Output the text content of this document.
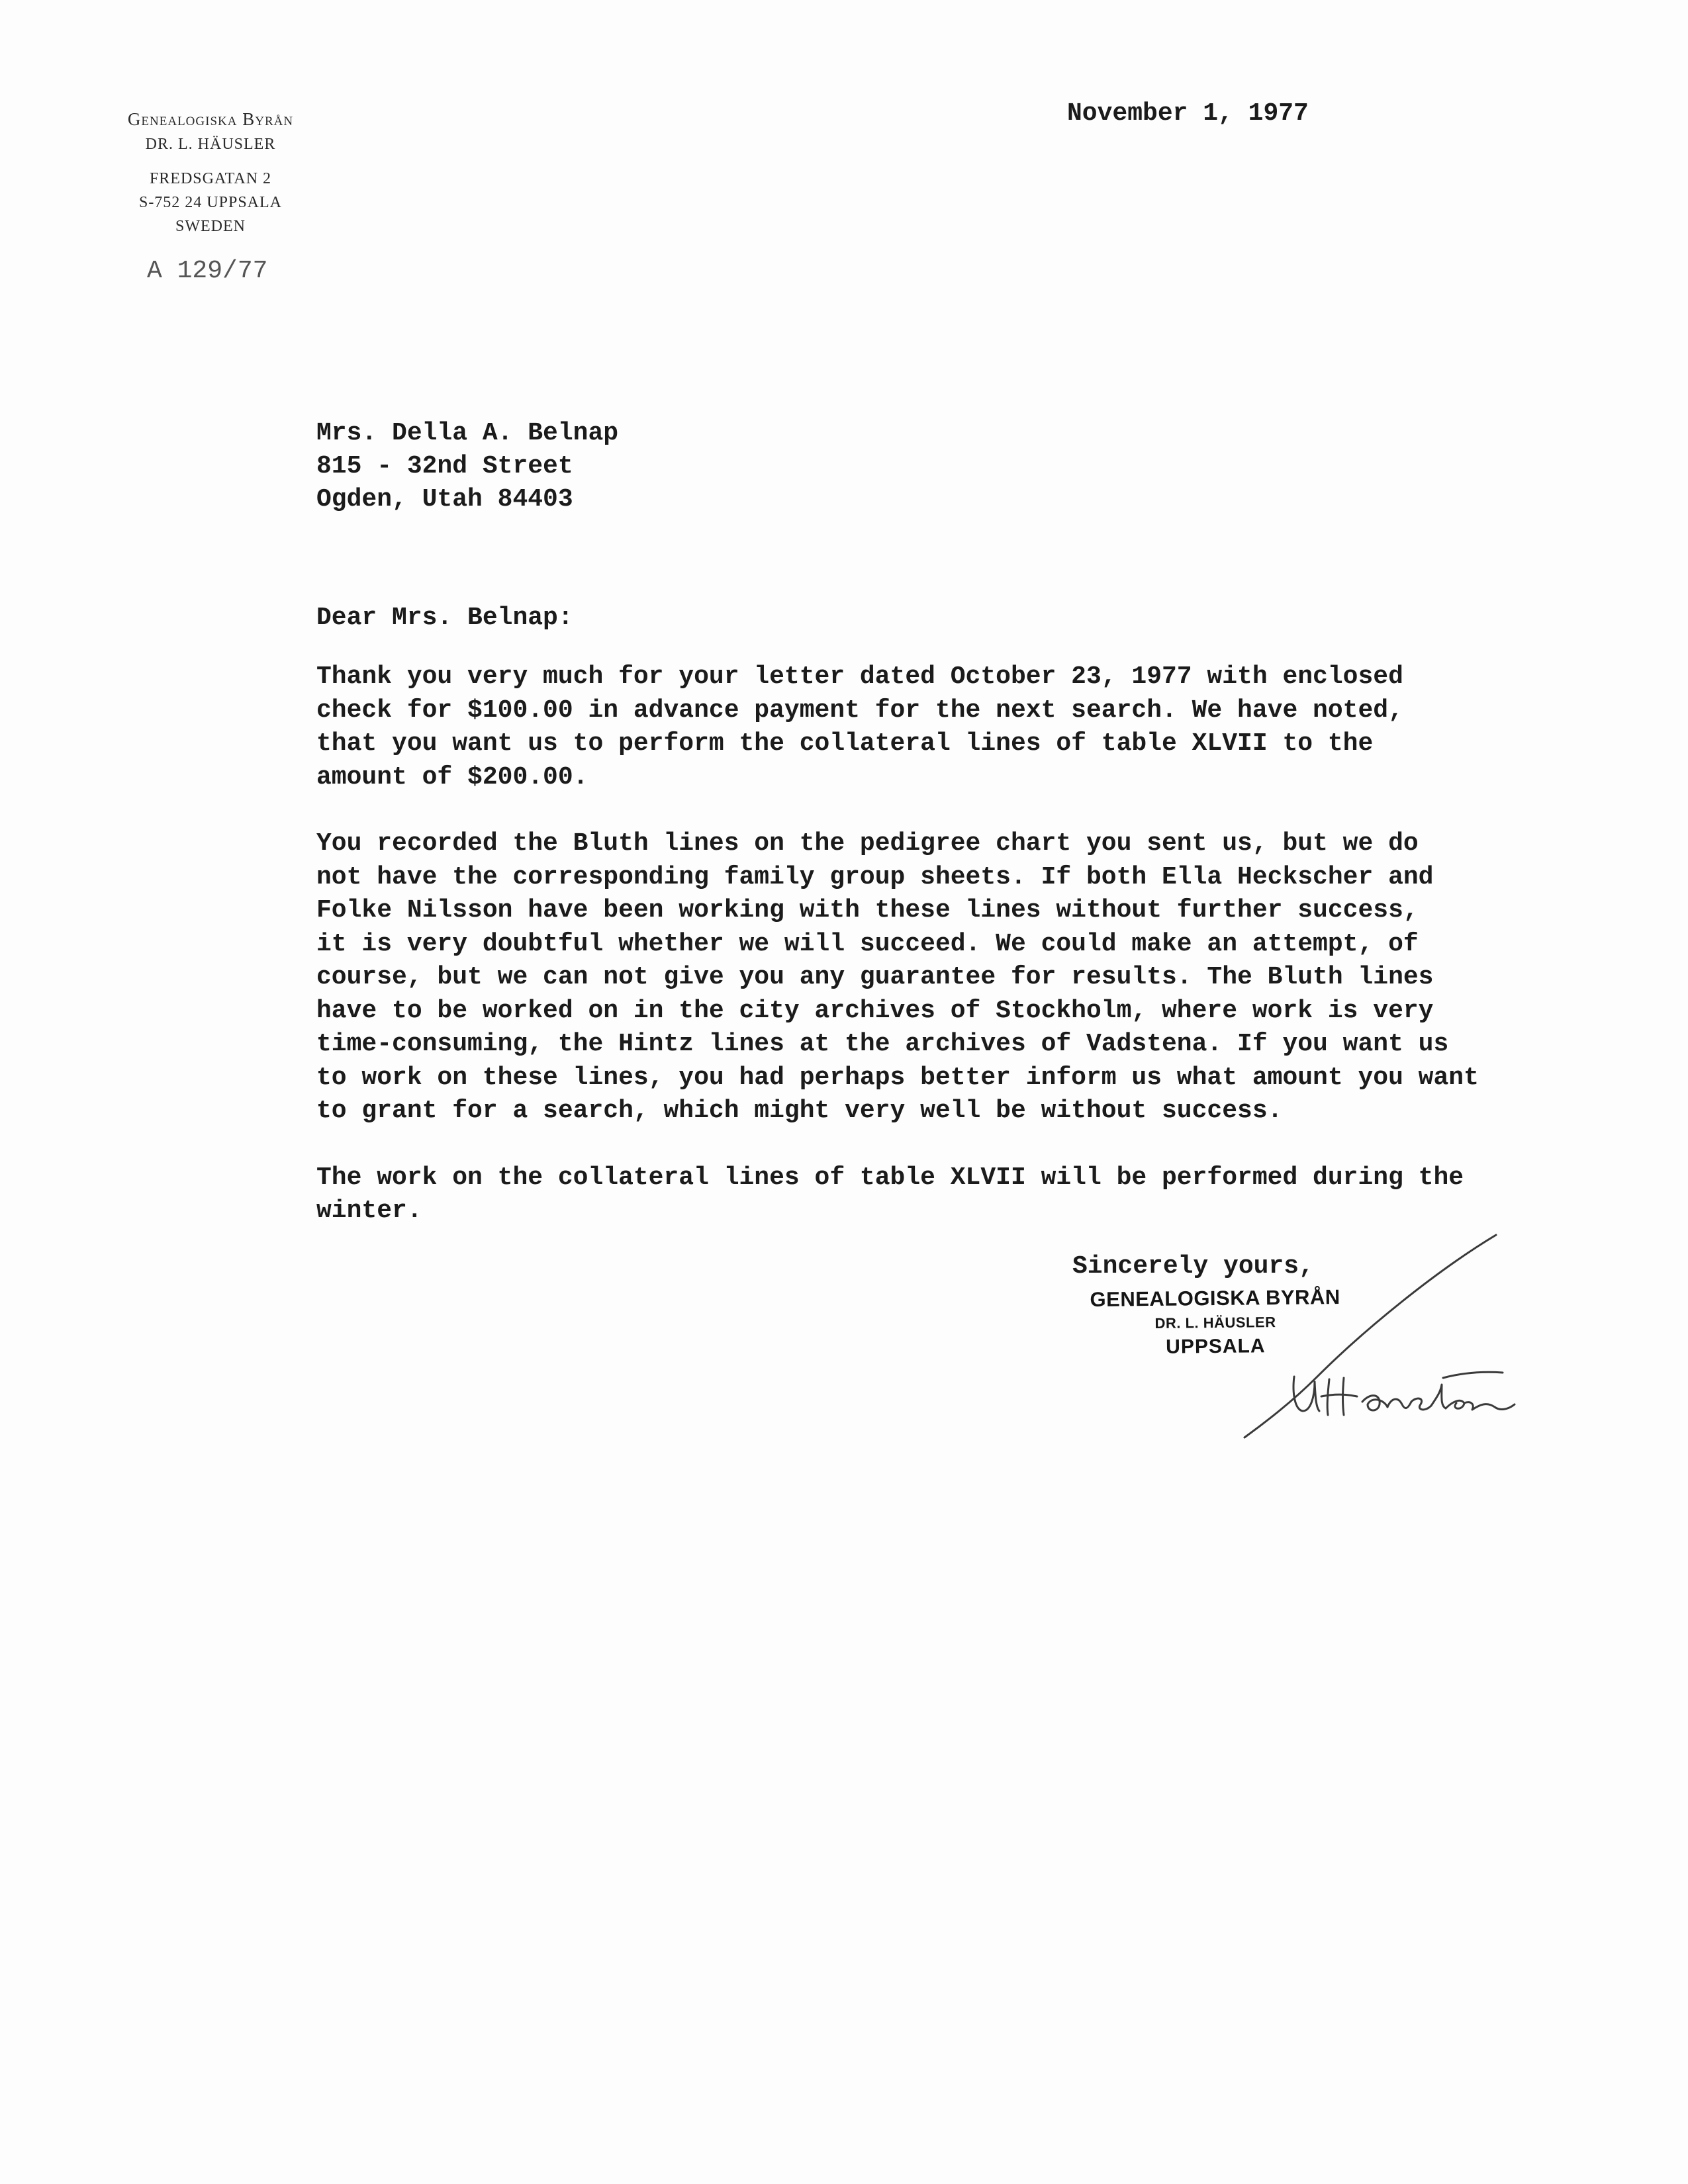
Genealogiska Byrån
DR. L. HÄUSLER
FREDSGATAN 2
S-752 24 UPPSALA
SWEDEN
A 129/77
November 1, 1977
Mrs. Della A. Belnap
815 - 32nd Street
Ogden, Utah 84403
Dear Mrs. Belnap:
Thank you very much for your letter dated October 23, 1977 with enclosed
check for $100.00 in advance payment for the next search. We have noted,
that you want us to perform the collateral lines of table XLVII to the
amount of $200.00.
You recorded the Bluth lines on the pedigree chart you sent us, but we do
not have the corresponding family group sheets. If both Ella Heckscher and
Folke Nilsson have been working with these lines without further success,
it is very doubtful whether we will succeed. We could make an attempt, of
course, but we can not give you any guarantee for results. The Bluth lines
have to be worked on in the city archives of Stockholm, where work is very
time-consuming, the Hintz lines at the archives of Vadstena. If you want us
to work on these lines, you had perhaps better inform us what amount you want
to grant for a search, which might very well be without success.
The work on the collateral lines of table XLVII will be performed during the
winter.
Sincerely yours,
GENEALOGISKA BYRÅN
DR. L. HÄUSLER
UPPSALA
